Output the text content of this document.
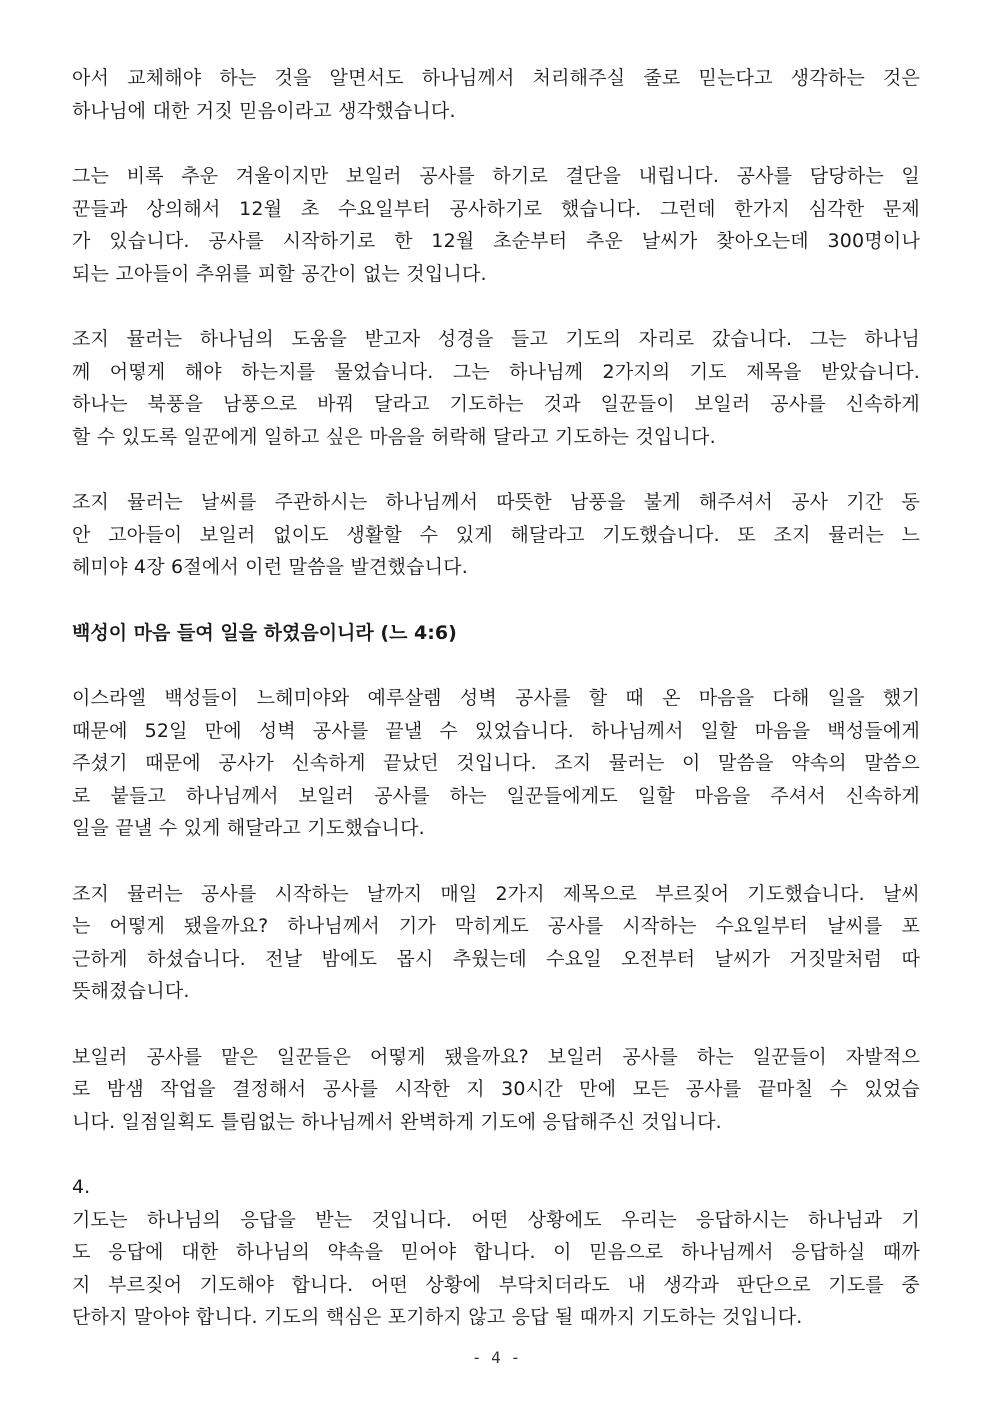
아서 교체해야 하는 것을 알면서도 하나님께서 처리해주실 줄로 믿는다고 생각하는 것은
하나님에 대한 거짓 믿음이라고 생각했습니다.
그는 비록 추운 겨울이지만 보일러 공사를 하기로 결단을 내립니다. 공사를 담당하는 일
꾼들과 상의해서 12월 초 수요일부터 공사하기로 했습니다. 그런데 한가지 심각한 문제
가 있습니다. 공사를 시작하기로 한 12월 초순부터 추운 날씨가 찾아오는데 300명이나
되는 고아들이 추위를 피할 공간이 없는 것입니다.
조지 뮬러는 하나님의 도움을 받고자 성경을 들고 기도의 자리로 갔습니다. 그는 하나님
께 어떻게 해야 하는지를 물었습니다. 그는 하나님께 2가지의 기도 제목을 받았습니다.
하나는 북풍을 남풍으로 바꿔 달라고 기도하는 것과 일꾼들이 보일러 공사를 신속하게
할 수 있도록 일꾼에게 일하고 싶은 마음을 허락해 달라고 기도하는 것입니다.
조지 뮬러는 날씨를 주관하시는 하나님께서 따뜻한 남풍을 불게 해주셔서 공사 기간 동
안 고아들이 보일러 없이도 생활할 수 있게 해달라고 기도했습니다. 또 조지 뮬러는 느
헤미야 4장 6절에서 이런 말씀을 발견했습니다.
백성이 마음 들여 일을 하였음이니라 (느 4:6)
이스라엘 백성들이 느헤미야와 예루살렘 성벽 공사를 할 때 온 마음을 다해 일을 했기
때문에 52일 만에 성벽 공사를 끝낼 수 있었습니다. 하나님께서 일할 마음을 백성들에게
주셨기 때문에 공사가 신속하게 끝났던 것입니다. 조지 뮬러는 이 말씀을 약속의 말씀으
로 붙들고 하나님께서 보일러 공사를 하는 일꾼들에게도 일할 마음을 주셔서 신속하게
일을 끝낼 수 있게 해달라고 기도했습니다.
조지 뮬러는 공사를 시작하는 날까지 매일 2가지 제목으로 부르짖어 기도했습니다. 날씨
는 어떻게 됐을까요? 하나님께서 기가 막히게도 공사를 시작하는 수요일부터 날씨를 포
근하게 하셨습니다. 전날 밤에도 몹시 추웠는데 수요일 오전부터 날씨가 거짓말처럼 따
뜻해졌습니다.
보일러 공사를 맡은 일꾼들은 어떻게 됐을까요? 보일러 공사를 하는 일꾼들이 자발적으
로 밤샘 작업을 결정해서 공사를 시작한 지 30시간 만에 모든 공사를 끝마칠 수 있었습
니다. 일점일획도 틀림없는 하나님께서 완벽하게 기도에 응답해주신 것입니다.
4.
기도는 하나님의 응답을 받는 것입니다. 어떤 상황에도 우리는 응답하시는 하나님과 기
도 응답에 대한 하나님의 약속을 믿어야 합니다. 이 믿음으로 하나님께서 응답하실 때까
지 부르짖어 기도해야 합니다. 어떤 상황에 부닥치더라도 내 생각과 판단으로 기도를 중
단하지 말아야 합니다. 기도의 핵심은 포기하지 않고 응답 될 때까지 기도하는 것입니다.
- 4 -
